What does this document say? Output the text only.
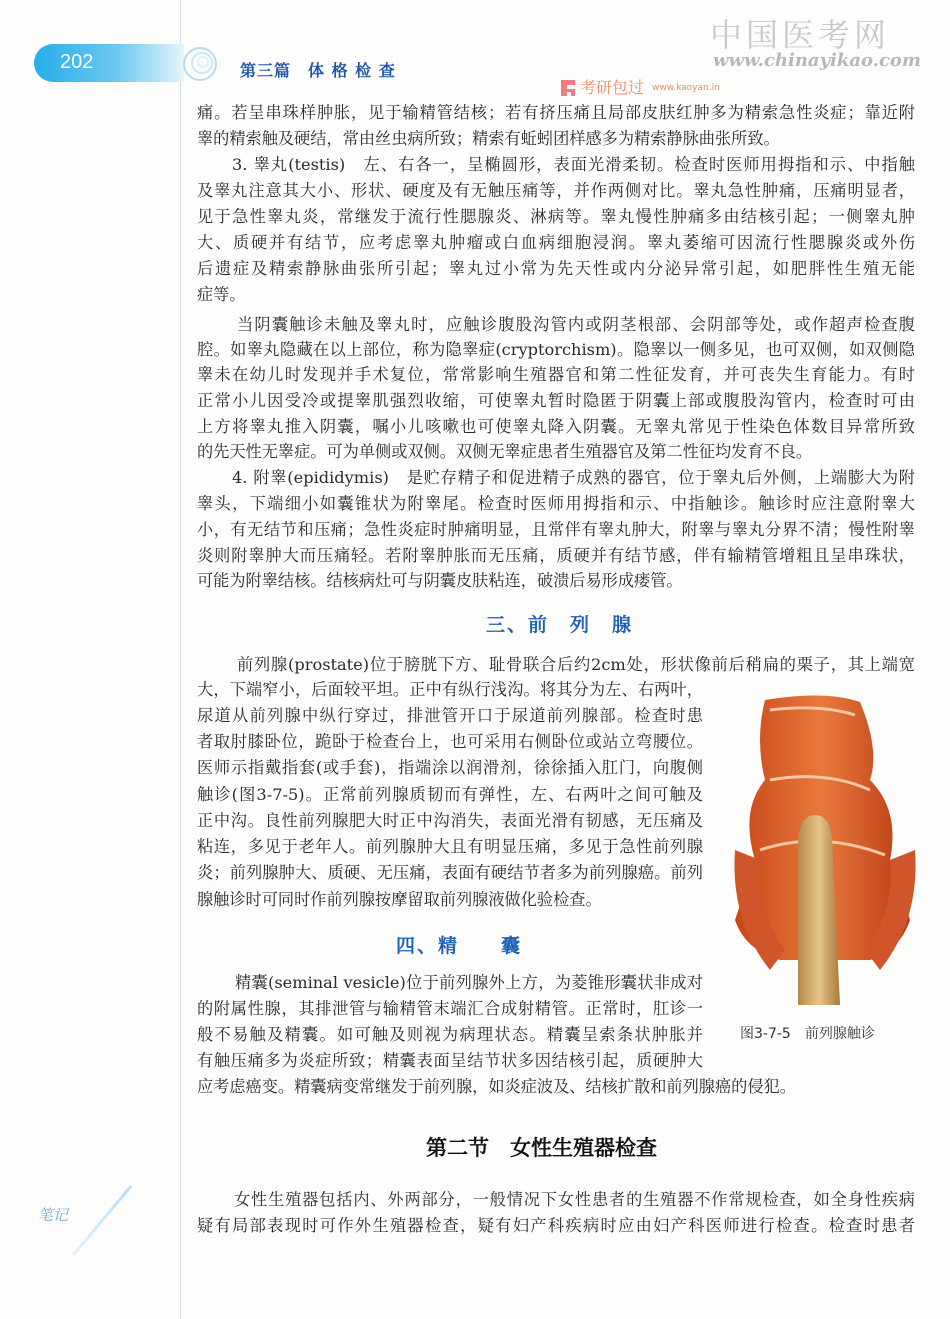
202	第三篇　体 格 检 查
中国医考网
www.chinayikao.com
考研包过 www.kaoyan.in
痛。若呈串珠样肿胀，见于输精管结核；若有挤压痛且局部皮肤红肿多为精索急性炎症；靠近附
睾的精索触及硬结，常由丝虫病所致；精索有蚯蚓团样感多为精索静脉曲张所致。
3. 睾丸(testis)　左、右各一，呈椭圆形，表面光滑柔韧。检查时医师用拇指和示、中指触
及睾丸注意其大小、形状、硬度及有无触压痛等，并作两侧对比。睾丸急性肿痛，压痛明显者，
见于急性睾丸炎，常继发于流行性腮腺炎、淋病等。睾丸慢性肿痛多由结核引起；一侧睾丸肿
大、质硬并有结节，应考虑睾丸肿瘤或白血病细胞浸润。睾丸萎缩可因流行性腮腺炎或外伤
后遗症及精索静脉曲张所引起；睾丸过小常为先天性或内分泌异常引起，如肥胖性生殖无能
症等。
当阴囊触诊未触及睾丸时，应触诊腹股沟管内或阴茎根部、会阴部等处，或作超声检查腹
腔。如睾丸隐藏在以上部位，称为隐睾症(cryptorchism)。隐睾以一侧多见，也可双侧，如双侧隐
睾未在幼儿时发现并手术复位，常常影响生殖器官和第二性征发育，并可丧失生育能力。有时
正常小儿因受冷或提睾肌强烈收缩，可使睾丸暂时隐匿于阴囊上部或腹股沟管内，检查时可由
上方将睾丸推入阴囊，嘱小儿咳嗽也可使睾丸降入阴囊。无睾丸常见于性染色体数目异常所致
的先天性无睾症。可为单侧或双侧。双侧无睾症患者生殖器官及第二性征均发育不良。
4. 附睾(epididymis)　是贮存精子和促进精子成熟的器官，位于睾丸后外侧，上端膨大为附
睾头，下端细小如囊锥状为附睾尾。检查时医师用拇指和示、中指触诊。触诊时应注意附睾大
小，有无结节和压痛；急性炎症时肿痛明显，且常伴有睾丸肿大，附睾与睾丸分界不清；慢性附睾
炎则附睾肿大而压痛轻。若附睾肿胀而无压痛，质硬并有结节感，伴有输精管增粗且呈串珠状，
可能为附睾结核。结核病灶可与阴囊皮肤粘连，破溃后易形成瘘管。
三、前　列　腺
前列腺(prostate)位于膀胱下方、耻骨联合后约2cm处，形状像前后稍扁的栗子，其上端宽
大，下端窄小，后面较平坦。正中有纵行浅沟。将其分为左、右两叶，
尿道从前列腺中纵行穿过，排泄管开口于尿道前列腺部。检查时患
者取肘膝卧位，跪卧于检查台上，也可采用右侧卧位或站立弯腰位。
医师示指戴指套(或手套)，指端涂以润滑剂，徐徐插入肛门，向腹侧
触诊(图3-7-5)。正常前列腺质韧而有弹性，左、右两叶之间可触及
正中沟。良性前列腺肥大时正中沟消失，表面光滑有韧感，无压痛及
粘连，多见于老年人。前列腺肿大且有明显压痛，多见于急性前列腺
炎；前列腺肿大、质硬、无压痛，表面有硬结节者多为前列腺癌。前列
腺触诊时可同时作前列腺按摩留取前列腺液做化验检查。
图3-7-5　前列腺触诊
四、精　　囊
精囊(seminal vesicle)位于前列腺外上方，为菱锥形囊状非成对
的附属性腺，其排泄管与输精管末端汇合成射精管。正常时，肛诊一
般不易触及精囊。如可触及则视为病理状态。精囊呈索条状肿胀并
有触压痛多为炎症所致；精囊表面呈结节状多因结核引起，质硬肿大
应考虑癌变。精囊病变常继发于前列腺，如炎症波及、结核扩散和前列腺癌的侵犯。
第二节　女性生殖器检查
女性生殖器包括内、外两部分，一般情况下女性患者的生殖器不作常规检查，如全身性疾病
疑有局部表现时可作外生殖器检查，疑有妇产科疾病时应由妇产科医师进行检查。检查时患者
笔记
